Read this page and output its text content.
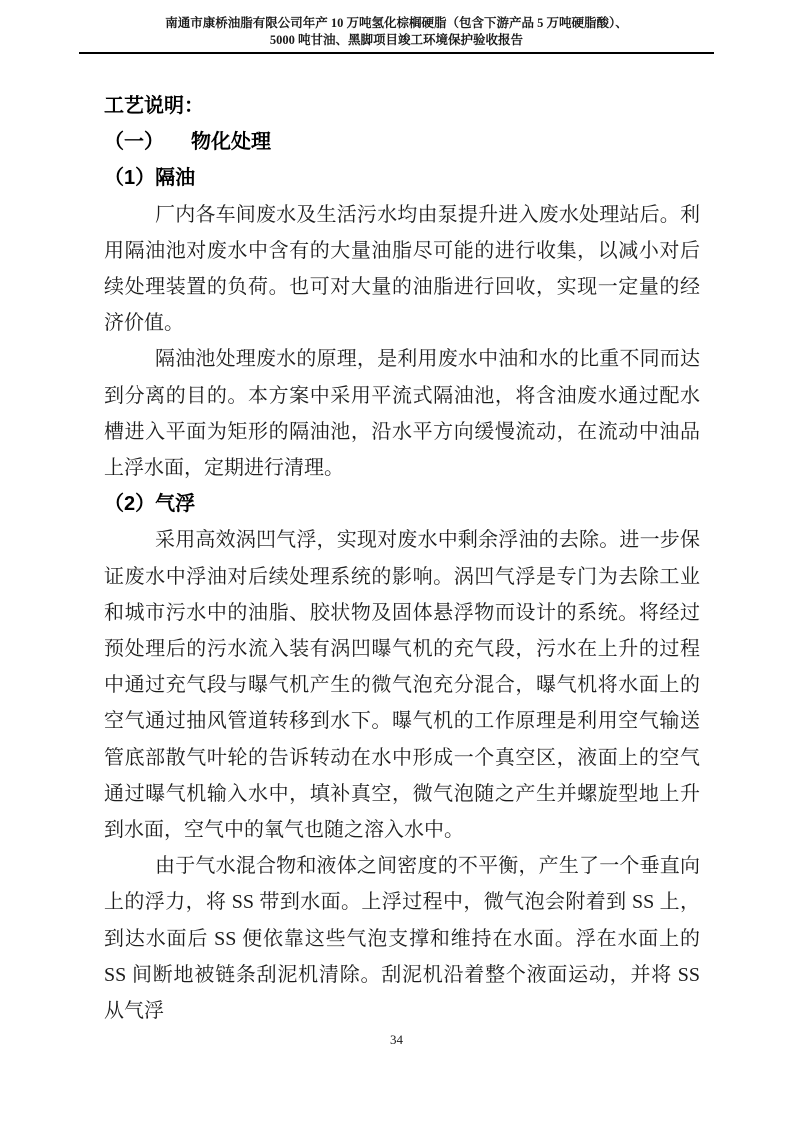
南通市康桥油脂有限公司年产 10 万吨氢化棕榈硬脂（包含下游产品 5 万吨硬脂酸）、
5000 吨甘油、黑脚项目竣工环境保护验收报告
工艺说明：
（一） 物化处理
（1）隔油

厂内各车间废水及生活污水均由泵提升进入废水处理站后。利用隔油池对废水中含有的大量油脂尽可能的进行收集，以减小对后续处理装置的负荷。也可对大量的油脂进行回收，实现一定量的经济价值。

隔油池处理废水的原理，是利用废水中油和水的比重不同而达到分离的目的。本方案中采用平流式隔油池，将含油废水通过配水槽进入平面为矩形的隔油池，沿水平方向缓慢流动，在流动中油品上浮水面，定期进行清理。

（2）气浮

采用高效涡凹气浮，实现对废水中剩余浮油的去除。进一步保证废水中浮油对后续处理系统的影响。涡凹气浮是专门为去除工业和城市污水中的油脂、胶状物及固体悬浮物而设计的系统。将经过预处理后的污水流入装有涡凹曝气机的充气段，污水在上升的过程中通过充气段与曝气机产生的微气泡充分混合，曝气机将水面上的空气通过抽风管道转移到水下。曝气机的工作原理是利用空气输送管底部散气叶轮的告诉转动在水中形成一个真空区，液面上的空气通过曝气机输入水中，填补真空，微气泡随之产生并螺旋型地上升到水面，空气中的氧气也随之溶入水中。

由于气水混合物和液体之间密度的不平衡，产生了一个垂直向上的浮力，将 SS 带到水面。上浮过程中，微气泡会附着到 SS 上，到达水面后 SS 便依靠这些气泡支撑和维持在水面。浮在水面上的 SS 间断地被链条刮泥机清除。刮泥机沿着整个液面运动，并将 SS 从气浮

34
